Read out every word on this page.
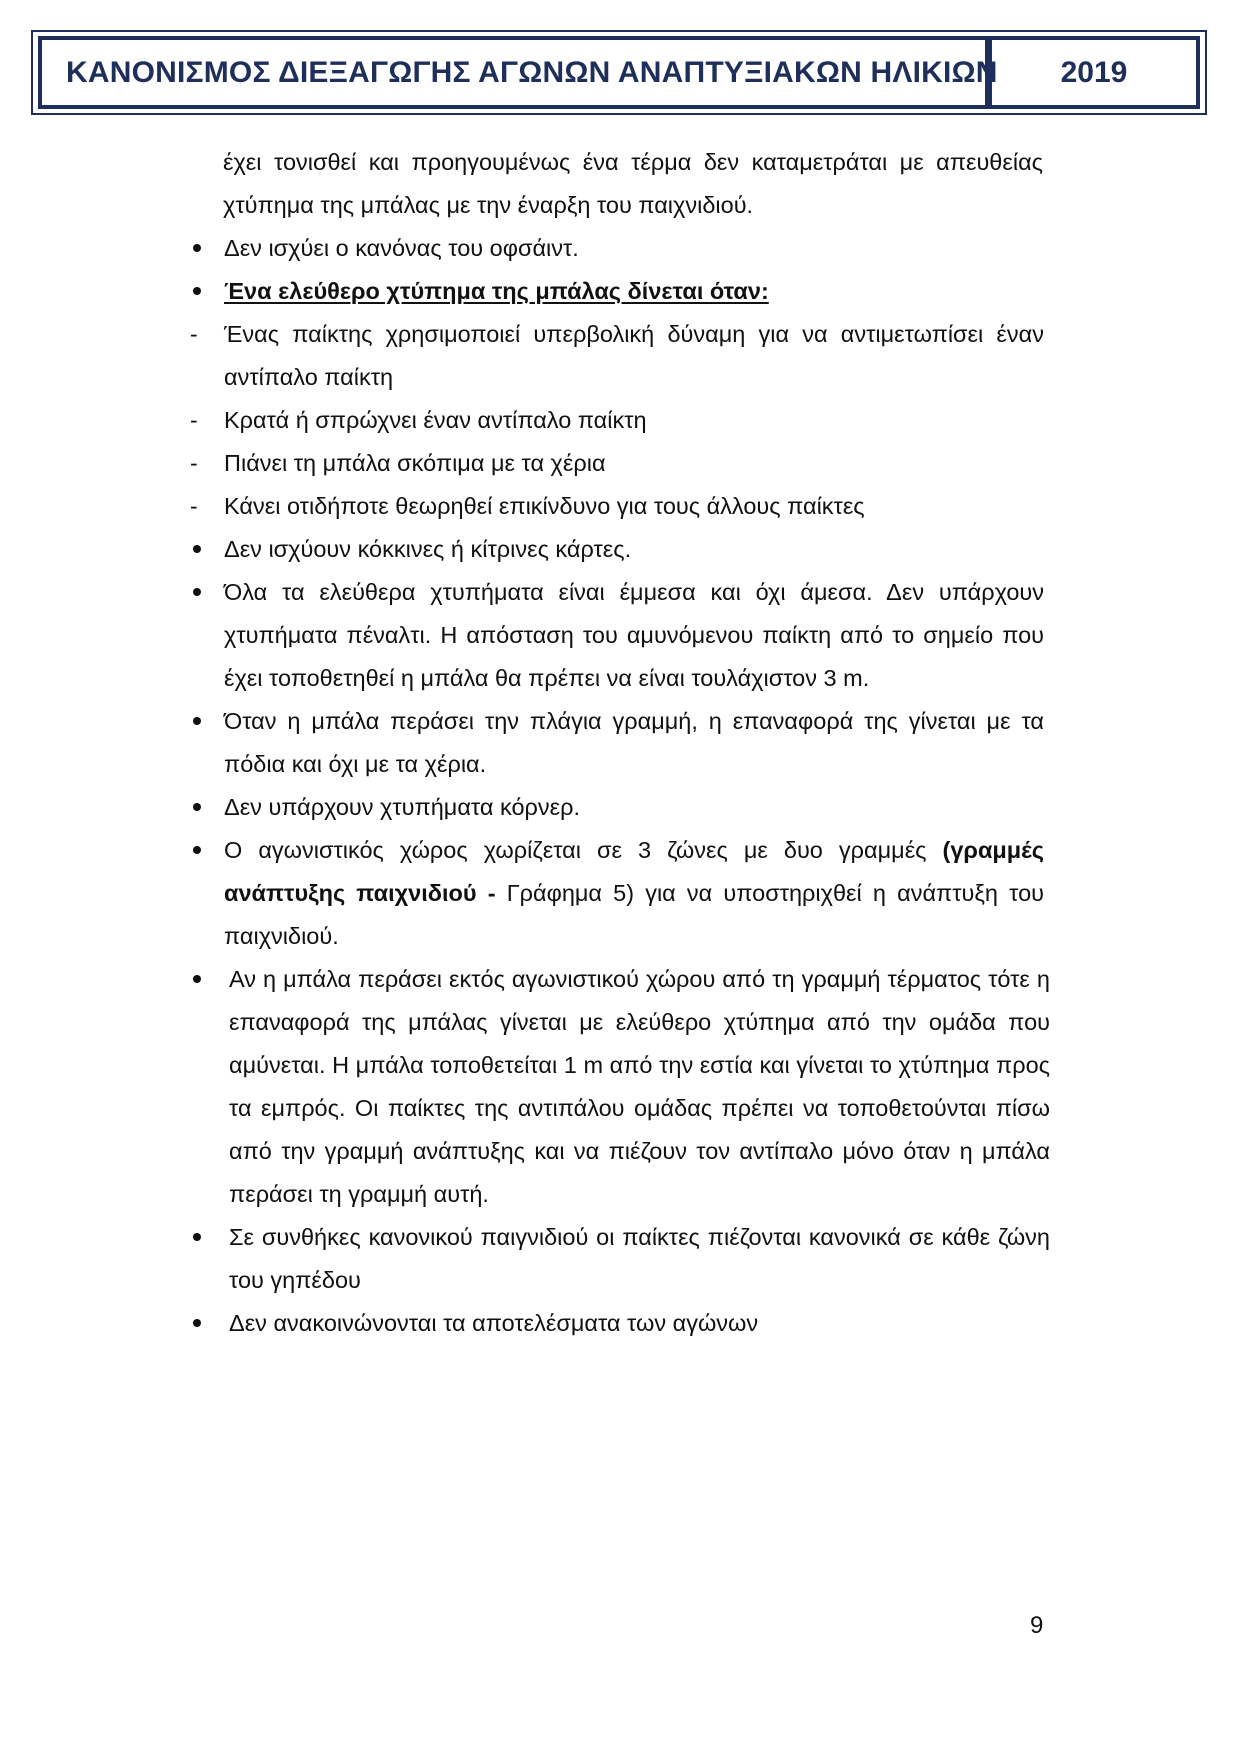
ΚΑΝΟΝΙΣΜΟΣ ΔΙΕΞΑΓΩΓΗΣ ΑΓΩΝΩΝ ΑΝΑΠΤΥΞΙΑΚΩΝ ΗΛΙΚΙΩΝ	2019
έχει τονισθεί και προηγουμένως ένα τέρμα δεν καταμετράται με απευθείας χτύπημα της μπάλας με την έναρξη του παιχνιδιού.
Δεν ισχύει ο κανόνας του οφσάιντ.
Ένα ελεύθερο χτύπημα της μπάλας δίνεται όταν:
- Ένας παίκτης χρησιμοποιεί υπερβολική δύναμη για να αντιμετωπίσει έναν αντίπαλο παίκτη
- Κρατά ή σπρώχνει έναν αντίπαλο παίκτη
- Πιάνει τη μπάλα σκόπιμα με τα χέρια
- Κάνει οτιδήποτε θεωρηθεί επικίνδυνο για τους άλλους παίκτες
Δεν ισχύουν κόκκινες ή κίτρινες κάρτες.
Όλα τα ελεύθερα χτυπήματα είναι έμμεσα και όχι άμεσα. Δεν υπάρχουν χτυπήματα πέναλτι. Η απόσταση του αμυνόμενου παίκτη από το σημείο που έχει τοποθετηθεί η μπάλα θα πρέπει να είναι τουλάχιστον 3 m.
Όταν η μπάλα περάσει την πλάγια γραμμή, η επαναφορά της γίνεται με τα πόδια και όχι με τα χέρια.
Δεν υπάρχουν χτυπήματα κόρνερ.
Ο αγωνιστικός χώρος χωρίζεται σε 3 ζώνες με δυο γραμμές (γραμμές ανάπτυξης παιχνιδιού - Γράφημα 5) για να υποστηριχθεί η ανάπτυξη του παιχνιδιού.
Αν η μπάλα περάσει εκτός αγωνιστικού χώρου από τη γραμμή τέρματος τότε η επαναφορά της μπάλας γίνεται με ελεύθερο χτύπημα από την ομάδα που αμύνεται. Η μπάλα τοποθετείται 1 m από την εστία και γίνεται το χτύπημα προς τα εμπρός. Οι παίκτες της αντιπάλου ομάδας πρέπει να τοποθετούνται πίσω από την γραμμή ανάπτυξης και να πιέζουν τον αντίπαλο μόνο όταν η μπάλα περάσει τη γραμμή αυτή.
Σε συνθήκες κανονικού παιγνιδιού οι παίκτες πιέζονται κανονικά σε κάθε ζώνη του γηπέδου
Δεν ανακοινώνονται τα αποτελέσματα των αγώνων
9
